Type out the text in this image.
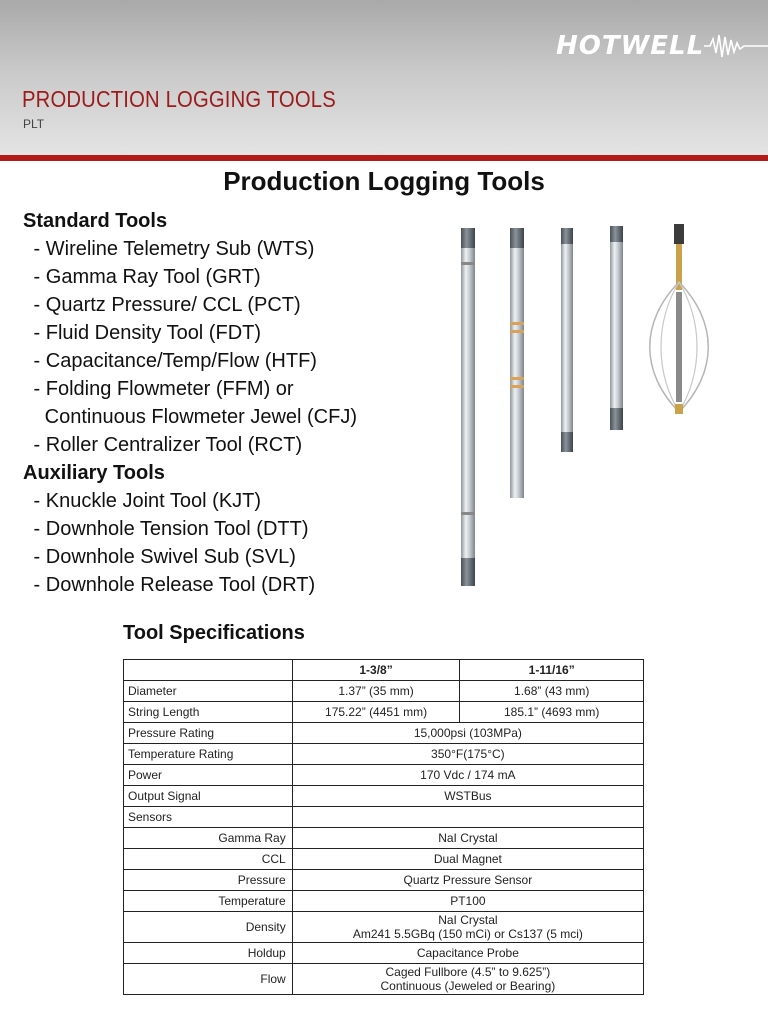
HOTWELL
PRODUCTION LOGGING TOOLS
PLT
Production Logging Tools
Standard Tools
- Wireline Telemetry Sub (WTS)
- Gamma Ray Tool (GRT)
- Quartz Pressure/ CCL (PCT)
- Fluid Density Tool (FDT)
- Capacitance/Temp/Flow (HTF)
- Folding Flowmeter (FFM) or
Continuous Flowmeter Jewel (CFJ)
- Roller Centralizer Tool (RCT)
Auxiliary Tools
- Knuckle Joint Tool (KJT)
- Downhole Tension Tool (DTT)
- Downhole Swivel Sub (SVL)
- Downhole Release Tool (DRT)
Tool Specifications
	1-3/8”	1-11/16”
Diameter	1.37” (35 mm)	1.68” (43 mm)
String Length	175.22” (4451 mm)	185.1” (4693 mm)
Pressure Rating	15,000psi (103MPa)	

Temperature Rating	350°F(175°C)	

Power	170 Vdc / 174 mA	

Output Signal	WSTBus	

Sensors		

Gamma Ray	NaI Crystal	

CCL	Dual Magnet	

Pressure	Quartz Pressure Sensor	

Temperature	PT100	

Density	NaI Crystal
Am241 5.5GBq (150 mCi) or Cs137 (5 mci)	

Holdup	Capacitance Probe	

Flow	Caged Fullbore (4.5” to 9.625”)
Continuous (Jeweled or Bearing)	
